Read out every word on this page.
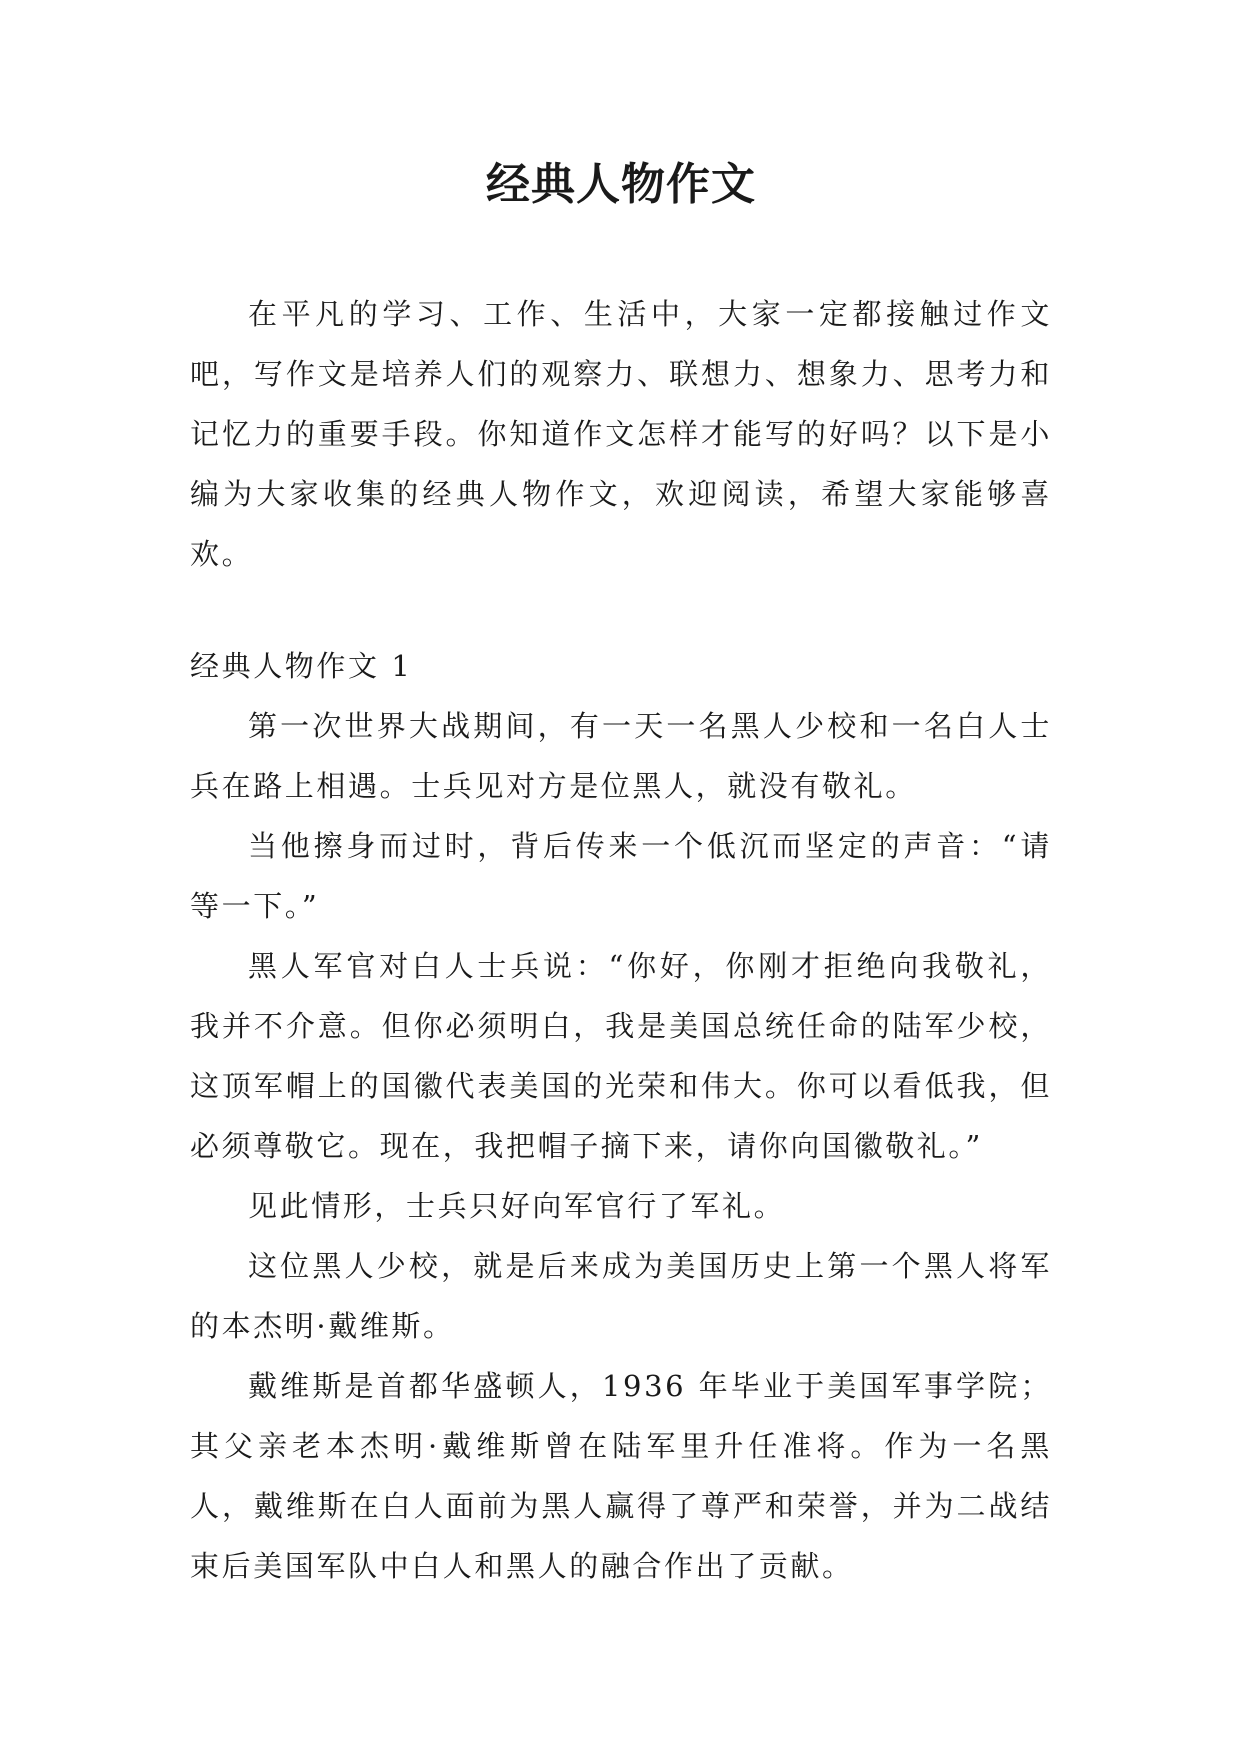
经典人物作文

在平凡的学习、工作、生活中，大家一定都接触过作文吧，写作文是培养人们的观察力、联想力、想象力、思考力和记忆力的重要手段。你知道作文怎样才能写的好吗？以下是小编为大家收集的经典人物作文，欢迎阅读，希望大家能够喜欢。

经典人物作文 1

第一次世界大战期间，有一天一名黑人少校和一名白人士兵在路上相遇。士兵见对方是位黑人，就没有敬礼。

当他擦身而过时，背后传来一个低沉而坚定的声音：“请等一下。”

黑人军官对白人士兵说：“你好，你刚才拒绝向我敬礼，我并不介意。但你必须明白，我是美国总统任命的陆军少校，这顶军帽上的国徽代表美国的光荣和伟大。你可以看低我，但必须尊敬它。现在，我把帽子摘下来，请你向国徽敬礼。”

见此情形，士兵只好向军官行了军礼。

这位黑人少校，就是后来成为美国历史上第一个黑人将军的本杰明·戴维斯。

戴维斯是首都华盛顿人，1936 年毕业于美国军事学院；其父亲老本杰明·戴维斯曾在陆军里升任准将。作为一名黑人，戴维斯在白人面前为黑人赢得了尊严和荣誉，并为二战结束后美国军队中白人和黑人的融合作出了贡献。
